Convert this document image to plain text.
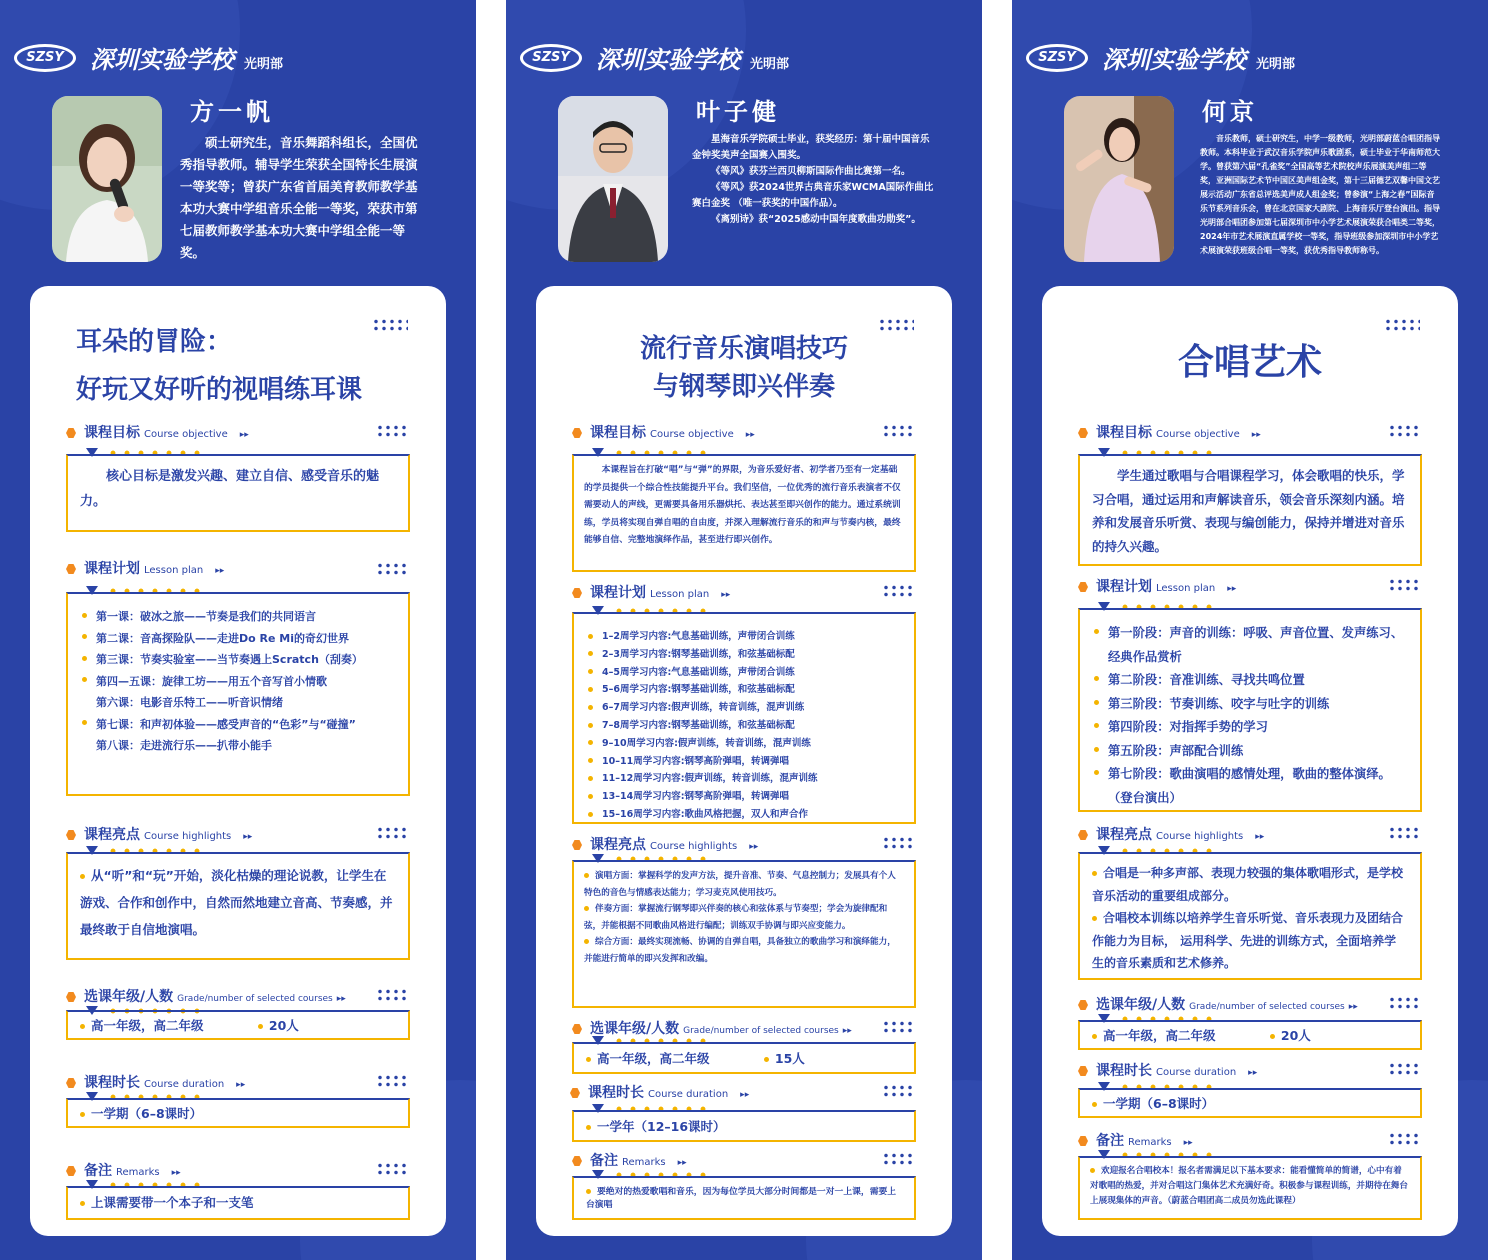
SZSY	深圳实验学校 光明部
方一帆
硕士研究生，音乐舞蹈科组长，全国优秀指导教师。辅导学生荣获全国特长生展演一等奖等；曾获广东省首届美育教师教学基本功大赛中学组音乐全能一等奖，荣获市第七届教师教学基本功大赛中学组全能一等奖。
耳朵的冒险：
好玩又好听的视唱练耳课
课程目标 Course objective ▸▸

核心目标是激发兴趣、建立自信、感受音乐的魅力。

课程计划 Lesson plan ▸▸
第一课：破冰之旅——节奏是我们的共同语言
第二课：音高探险队——走进Do Re Mi的奇幻世界
第三课：节奏实验室——当节奏遇上Scratch（刮奏）
第四—五课：旋律工坊——用五个音写首小情歌
第六课：电影音乐特工——听音识情绪
第七课：和声初体验——感受声音的“色彩”与“碰撞”
第八课：走进流行乐——扒带小能手
课程亮点 Course highlights ▸▸

从“听”和“玩”开始，淡化枯燥的理论说教，让学生在游戏、合作和创作中，自然而然地建立音高、节奏感，并最终敢于自信地演唱。

选课年级/人数 Grade/number of selected courses ▸▸
高一年级，高二年级	20人
课程时长 Course duration ▸▸
一学期（6–8课时）
备注 Remarks ▸▸
上课需要带一个本子和一支笔
SZSY	深圳实验学校 光明部
叶子健
星海音乐学院硕士毕业，获奖经历：第十届中国音乐金钟奖美声全国赛入围奖。
《等风》获芬兰西贝柳斯国际作曲比赛第一名。
《等风》获2024世界古典音乐家WCMA国际作曲比赛白金奖 （唯一获奖的中国作品）。
《离别诗》获“2025感动中国年度歌曲功勋奖”。
流行音乐演唱技巧
与钢琴即兴伴奏
课程目标 Course objective ▸▸

本课程旨在打破“唱”与“弹”的界限，为音乐爱好者、初学者乃至有一定基础的学员提供一个综合性技能提升平台。我们坚信，一位优秀的流行音乐表演者不仅需要动人的声线，更需要具备用乐器烘托、表达甚至即兴创作的能力。通过系统训练，学员将实现自弹自唱的自由度，并深入理解流行音乐的和声与节奏内核，最终能够自信、完整地演绎作品，甚至进行即兴创作。

课程计划 Lesson plan ▸▸
1–2周学习内容:气息基础训练，声带闭合训练
2–3周学习内容:钢琴基础训练，和弦基础标配
4–5周学习内容:气息基础训练，声带闭合训练
5–6周学习内容:钢琴基础训练，和弦基础标配
6–7周学习内容:假声训练，转音训练，混声训练
7–8周学习内容:钢琴基础训练，和弦基础标配
9–10周学习内容:假声训练，转音训练，混声训练
10–11周学习内容:钢琴高阶弹唱，转调弹唱
11–12周学习内容:假声训练，转音训练，混声训练
13–14周学习内容:钢琴高阶弹唱，转调弹唱
15–16周学习内容:歌曲风格把握，双人和声合作
课程亮点 Course highlights ▸▸

演唱方面：掌握科学的发声方法，提升音准、节奏、气息控制力；发展具有个人特色的音色与情感表达能力；学习麦克风使用技巧。

伴奏方面：掌握流行钢琴即兴伴奏的核心和弦体系与节奏型；学会为旋律配和弦，并能根据不同歌曲风格进行编配；训练双手协调与即兴应变能力。

综合方面：最终实现流畅、协调的自弹自唱，具备独立的歌曲学习和演绎能力，并能进行简单的即兴发挥和改编。

选课年级/人数 Grade/number of selected courses ▸▸
高一年级，高二年级	15人
课程时长 Course duration ▸▸
一学年（12–16课时）
备注 Remarks ▸▸
要绝对的热爱歌唱和音乐，因为每位学员大部分时间都是一对一上课，需要上台演唱
SZSY	深圳实验学校 光明部
何京
音乐教师，硕士研究生，中学一级教师，光明部蔚蓝合唱团指导教师。本科毕业于武汉音乐学院声乐歌剧系，硕士毕业于华南师范大学。曾获第六届“孔雀奖”全国高等艺术院校声乐展演美声组二等奖，亚洲国际艺术节中国区美声组金奖，第十三届德艺双馨中国文艺展示活动广东省总评选美声成人组金奖；曾参演“上海之春”国际音乐节系列音乐会，曾在北京国家大剧院、上海音乐厅登台演出。指导光明部合唱团参加第七届深圳市中小学艺术展演荣获合唱类二等奖，2024年市艺术展演直属学校一等奖，指导班级参加深圳市中小学艺术展演荣获班级合唱一等奖，获优秀指导教师称号。
合唱艺术
课程目标 Course objective ▸▸

学生通过歌唱与合唱课程学习，体会歌唱的快乐，学习合唱，通过运用和声解读音乐，领会音乐深刻内涵。培养和发展音乐听赏、表现与编创能力，保持并增进对音乐的持久兴趣。

课程计划 Lesson plan ▸▸
第一阶段：声音的训练：呼吸、声音位置、发声练习、经典作品赏析
第二阶段：音准训练、寻找共鸣位置
第三阶段：节奏训练、咬字与吐字的训练
第四阶段：对指挥手势的学习
第五阶段：声部配合训练
第七阶段：歌曲演唱的感情处理，歌曲的整体演绎。（登台演出）
课程亮点 Course highlights ▸▸

合唱是一种多声部、表现力较强的集体歌唱形式，是学校音乐活动的重要组成部分。

合唱校本训练以培养学生音乐听觉、音乐表现力及团结合作能力为目标， 运用科学、先进的训练方式，全面培养学生的音乐素质和艺术修养。

选课年级/人数 Grade/number of selected courses ▸▸
高一年级，高二年级	20人
课程时长 Course duration ▸▸
一学期（6–8课时）
备注 Remarks ▸▸
欢迎报名合唱校本！报名者需满足以下基本要求：能看懂简单的简谱，心中有着对歌唱的热爱，并对合唱这门集体艺术充满好奇。积极参与课程训练，并期待在舞台上展现集体的声音。（蔚蓝合唱团高二成员勿选此课程）
